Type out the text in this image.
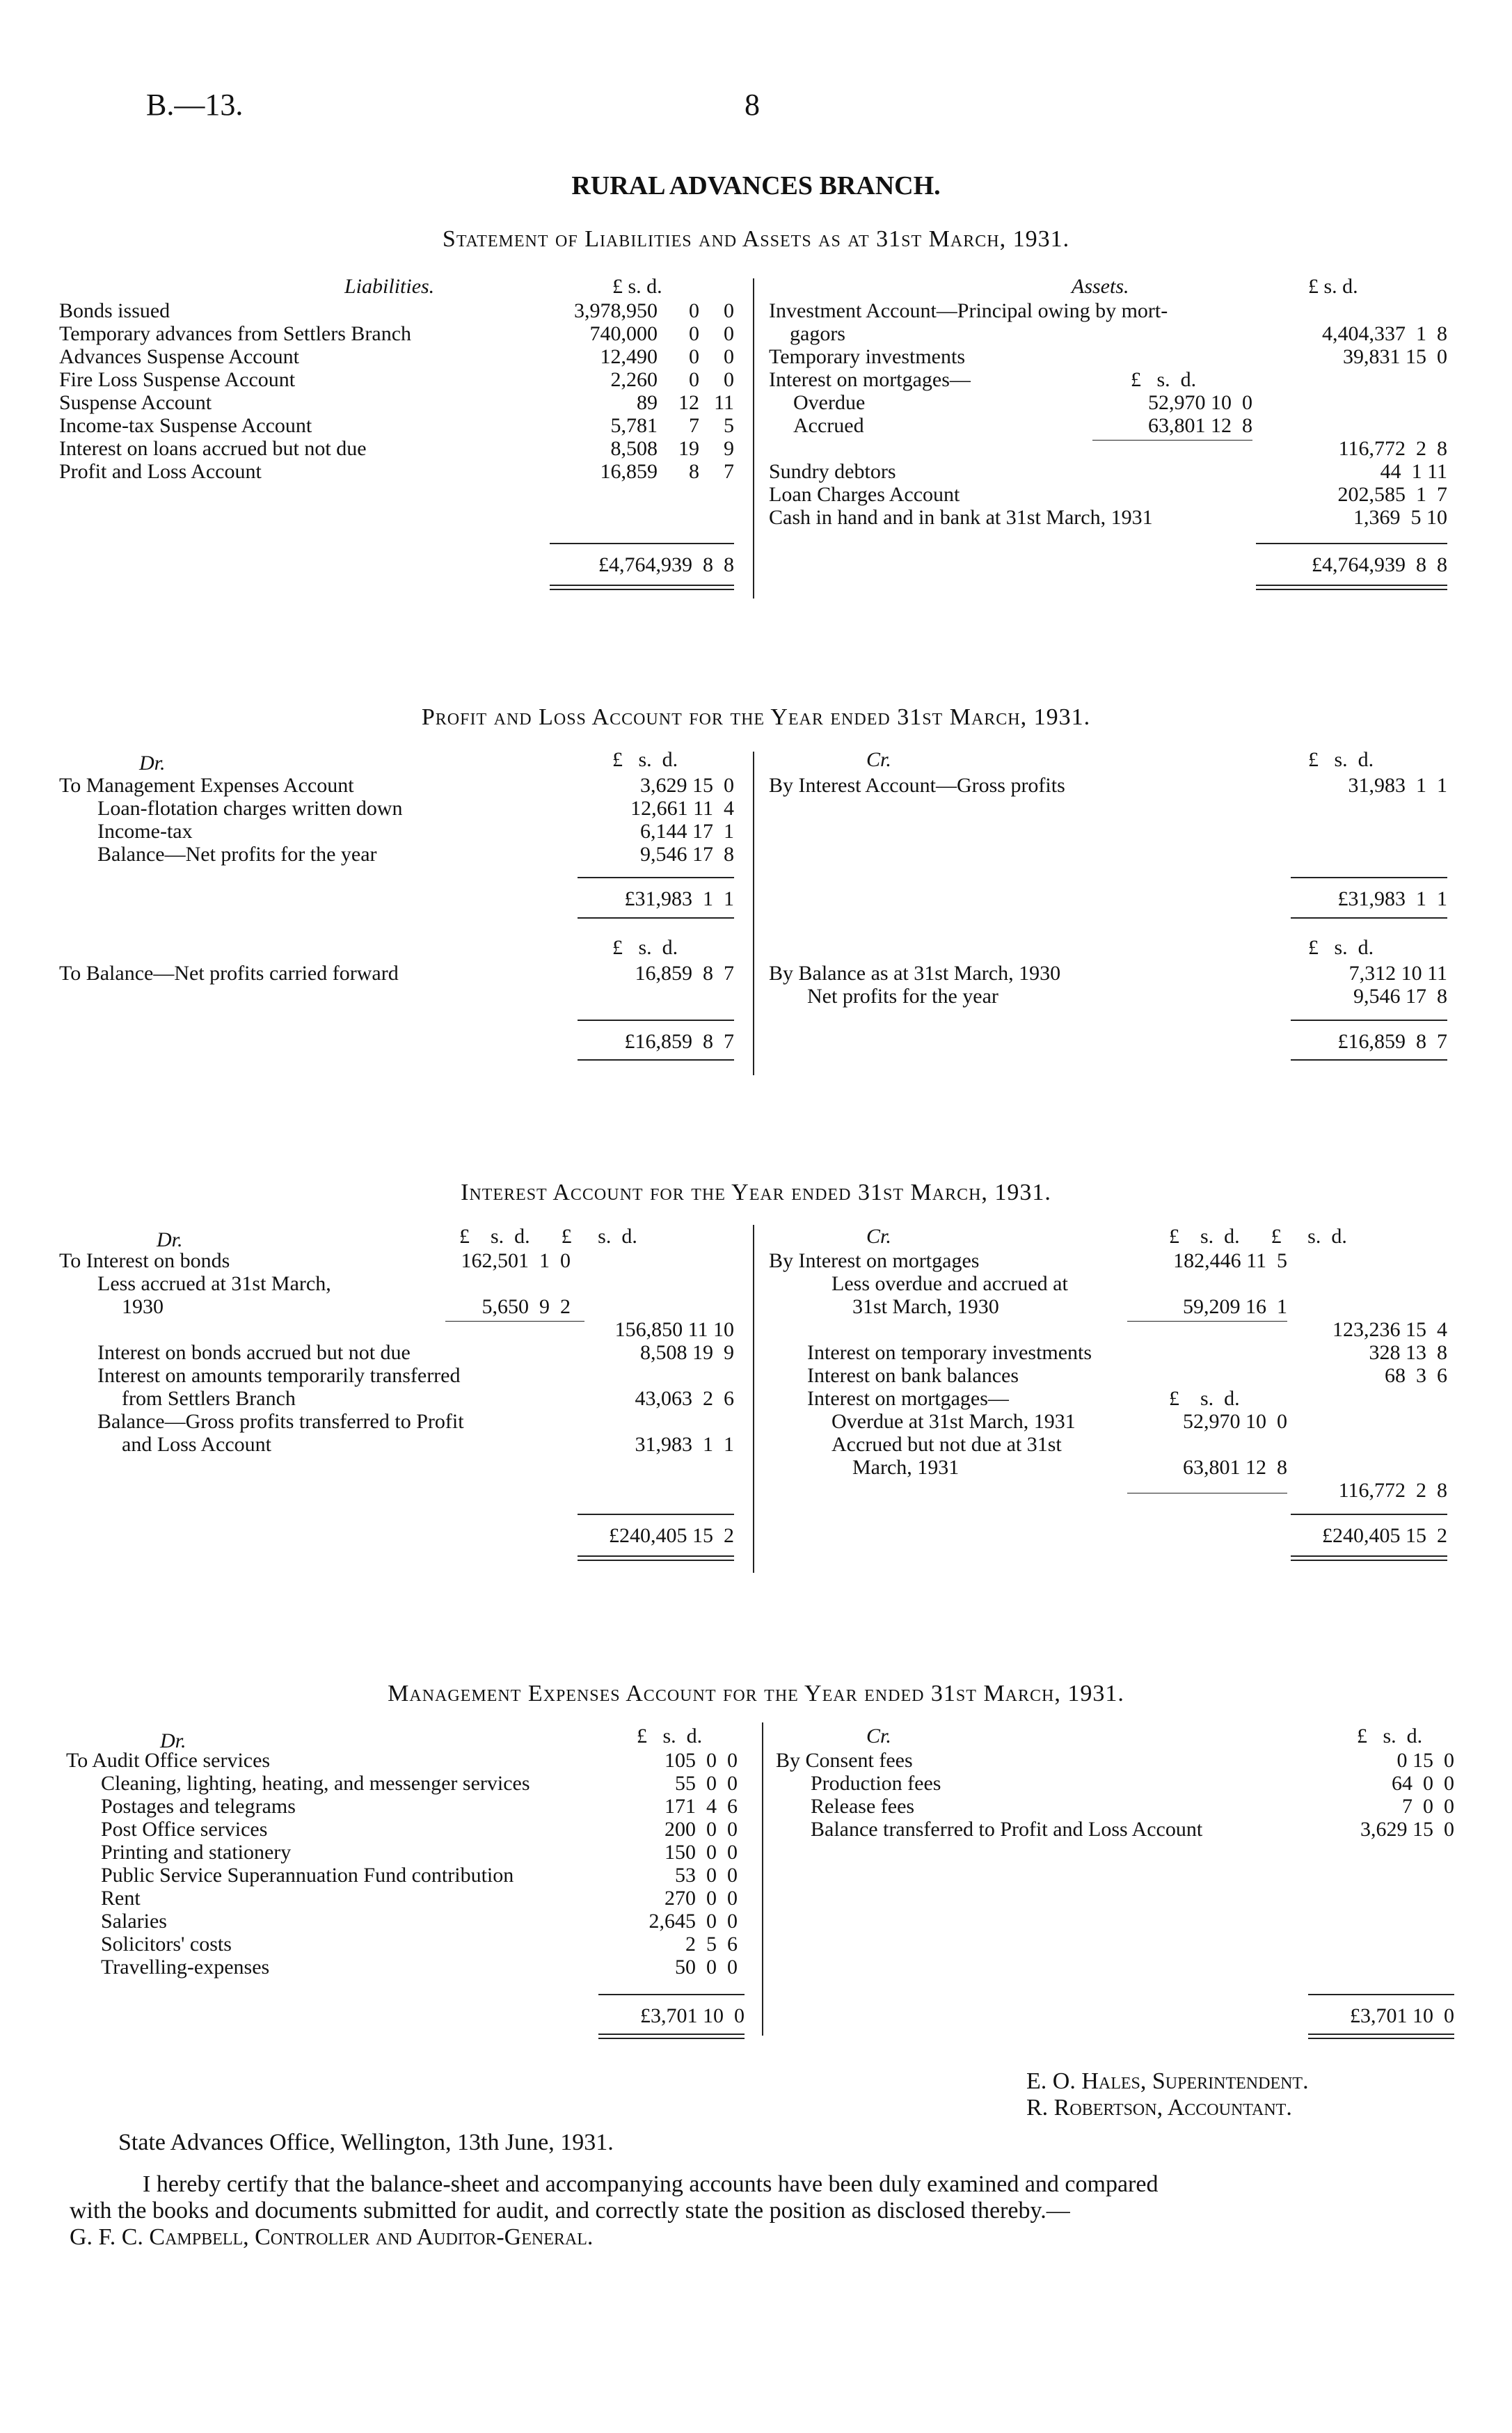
B.—13.	8
RURAL ADVANCES BRANCH.
Statement of Liabilities and Assets as at 31st March, 1931.
Liabilities.	£ s. d.	Assets.	£ s. d.
Bonds issued	3,978,950	0	0
Temporary advances from Settlers Branch	740,000	0	0
Advances Suspense Account	12,490	0	0
Fire Loss Suspense Account	2,260	0	0
Suspense Account	89	12 11
Income-tax Suspense Account	5,781	7	5
Interest on loans accrued but not due	8,508	19	9
Profit and Loss Account	16,859	8	7
£4,764,939  8  8
Investment Account—Principal owing by mort-
gagors	4,404,337  1  8
Temporary investments	39,831 15  0
Interest on mortgages—	£   s.  d.
Overdue	52,970 10  0
Accrued	63,801 12  8
116,772  2  8
Sundry debtors	44  1 11
Loan Charges Account	202,585  1  7
Cash in hand and in bank at 31st March, 1931	1,369  5 10
£4,764,939  8  8
Profit and Loss Account for the Year ended 31st March, 1931.
Dr.	£   s.  d.	Cr.	£   s.  d.
To Management Expenses Account	3,629 15  0
Loan-flotation charges written down	12,661 11  4
Income-tax	6,144 17  1
Balance—Net profits for the year	9,546 17  8
By Interest Account—Gross profits	31,983  1  1
£31,983  1  1	£31,983  1  1
£   s.  d.	£   s.  d.
To Balance—Net profits carried forward	16,859  8  7 By Balance as at 31st March, 1930	7,312 10 11
Net profits for the year	9,546 17  8
£16,859  8  7	£16,859  8  7
Interest Account for the Year ended 31st March, 1931.
Dr.	£    s.  d.      £     s.  d.	Cr.	£    s.  d.      £     s.  d.
To Interest on bonds	162,501  1  0
Less accrued at 31st March,
1930	5,650  9  2
156,850 11 10
Interest on bonds accrued but not due	8,508 19  9
Interest on amounts temporarily transferred
from Settlers Branch	43,063  2  6
Balance—Gross profits transferred to Profit
and Loss Account	31,983  1  1
£240,405 15  2
By Interest on mortgages	182,446 11  5
Less overdue and accrued at
31st March, 1930	59,209 16  1
123,236 15  4
Interest on temporary investments	328 13  8
Interest on bank balances	68  3  6
Interest on mortgages—	£    s.  d.
Overdue at 31st March, 1931	52,970 10  0
Accrued but not due at 31st
March, 1931	63,801 12  8
116,772  2  8
£240,405 15  2
Management Expenses Account for the Year ended 31st March, 1931.
Dr.	£   s.  d.	Cr.	£   s.  d.
To Audit Office services	105  0  0
Cleaning, lighting, heating, and messenger services	55  0  0
Postages and telegrams	171  4  6
Post Office services	200  0  0
Printing and stationery	150  0  0
Public Service Superannuation Fund contribution	53  0  0
Rent	270  0  0
Salaries	2,645  0  0
Solicitors' costs	2  5  6
Travelling-expenses	50  0  0
By Consent fees	0 15  0
Production fees	64  0  0
Release fees	7  0  0
Balance transferred to Profit and Loss Account	3,629 15  0
£3,701 10  0	£3,701 10  0
E. O. Hales, Superintendent.
R. Robertson, Accountant.
State Advances Office, Wellington, 13th June, 1931.
I hereby certify that the balance-sheet and accompanying accounts have been duly examined and compared
with the books and documents submitted for audit, and correctly state the position as disclosed thereby.—
G. F. C. Campbell, Controller and Auditor-General.
